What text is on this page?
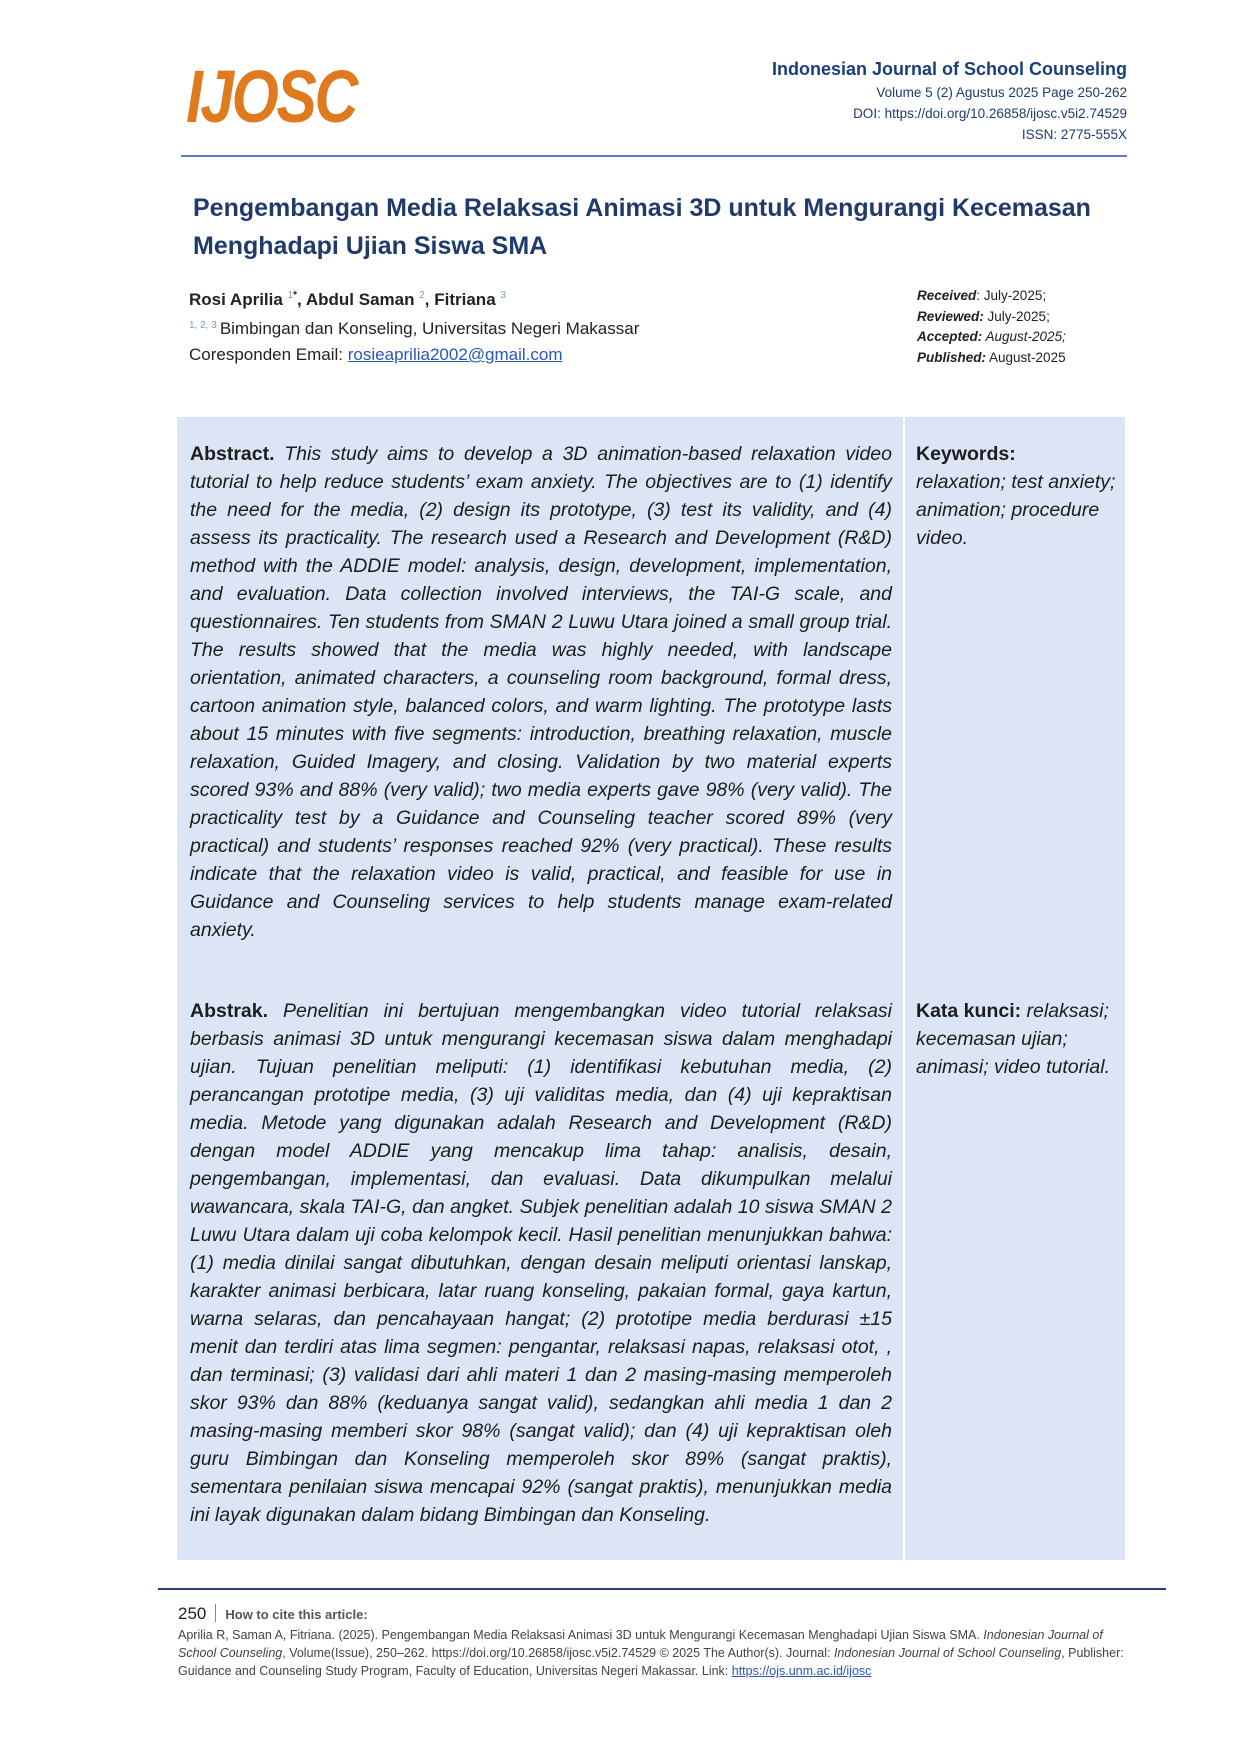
IJOSC	Indonesian Journal of School Counseling
Volume 5 (2) Agustus 2025 Page 250-262
DOI: https://doi.org/10.26858/ijosc.v5i2.74529
ISSN: 2775-555X
Pengembangan Media Relaksasi Animasi 3D untuk Mengurangi Kecemasan Menghadapi Ujian Siswa SMA
Rosi Aprilia $^{1*}$, Abdul Saman $^2$, Fitriana $^3$
$^{1, 2, 3}$ Bimbingan dan Konseling, Universitas Negeri Makassar
Coresponden Email: rosieaprilia2002@gmail.com
Received: July-2025;
Reviewed: July-2025;
Accepted: August-2025;
Published: August-2025

Abstract. This study aims to develop a 3D animation-based relaxation video tutorial to help reduce students’ exam anxiety. The objectives are to (1) identify the need for the media, (2) design its prototype, (3) test its validity, and (4) assess its practicality. The research used a Research and Development (R&D) method with the ADDIE model: analysis, design, development, implementation, and evaluation. Data collection involved interviews, the TAI-G scale, and questionnaires. Ten students from SMAN 2 Luwu Utara joined a small group trial. The results showed that the media was highly needed, with landscape orientation, animated characters, a counseling room background, formal dress, cartoon animation style, balanced colors, and warm lighting. The prototype lasts about 15 minutes with five segments: introduction, breathing relaxation, muscle relaxation, Guided Imagery, and closing. Validation by two material experts scored 93% and 88% (very valid); two media experts gave 98% (very valid). The practicality test by a Guidance and Counseling teacher scored 89% (very practical) and students’ responses reached 92% (very practical). These results indicate that the relaxation video is valid, practical, and feasible for use in Guidance and Counseling services to help students manage exam-related anxiety.

Keywords:
relaxation; test anxiety; animation; procedure video.

Abstrak. Penelitian ini bertujuan mengembangkan video tutorial relaksasi berbasis animasi 3D untuk mengurangi kecemasan siswa dalam menghadapi ujian. Tujuan penelitian meliputi: (1) identifikasi kebutuhan media, (2) perancangan prototipe media, (3) uji validitas media, dan (4) uji kepraktisan media. Metode yang digunakan adalah Research and Development (R&D) dengan model ADDIE yang mencakup lima tahap: analisis, desain, pengembangan, implementasi, dan evaluasi. Data dikumpulkan melalui wawancara, skala TAI-G, dan angket. Subjek penelitian adalah 10 siswa SMAN 2 Luwu Utara dalam uji coba kelompok kecil. Hasil penelitian menunjukkan bahwa: (1) media dinilai sangat dibutuhkan, dengan desain meliputi orientasi lanskap, karakter animasi berbicara, latar ruang konseling, pakaian formal, gaya kartun, warna selaras, dan pencahayaan hangat; (2) prototipe media berdurasi ±15 menit dan terdiri atas lima segmen: pengantar, relaksasi napas, relaksasi otot, , dan terminasi; (3) validasi dari ahli materi 1 dan 2 masing-masing memperoleh skor 93% dan 88% (keduanya sangat valid), sedangkan ahli media 1 dan 2 masing-masing memberi skor 98% (sangat valid); dan (4) uji kepraktisan oleh guru Bimbingan dan Konseling memperoleh skor 89% (sangat praktis), sementara penilaian siswa mencapai 92% (sangat praktis), menunjukkan media ini layak digunakan dalam bidang Bimbingan dan Konseling.

Kata kunci: relaksasi; kecemasan ujian; animasi; video tutorial.
250 How to cite this article:
Aprilia R, Saman A, Fitriana. (2025). Pengembangan Media Relaksasi Animasi 3D untuk Mengurangi Kecemasan Menghadapi Ujian Siswa SMA. Indonesian Journal of School Counseling, Volume(Issue), 250–262. https://doi.org/10.26858/ijosc.v5i2.74529 © 2025 The Author(s). Journal: Indonesian Journal of School Counseling, Publisher: Guidance and Counseling Study Program, Faculty of Education, Universitas Negeri Makassar. Link: https://ojs.unm.ac.id/ijosc
